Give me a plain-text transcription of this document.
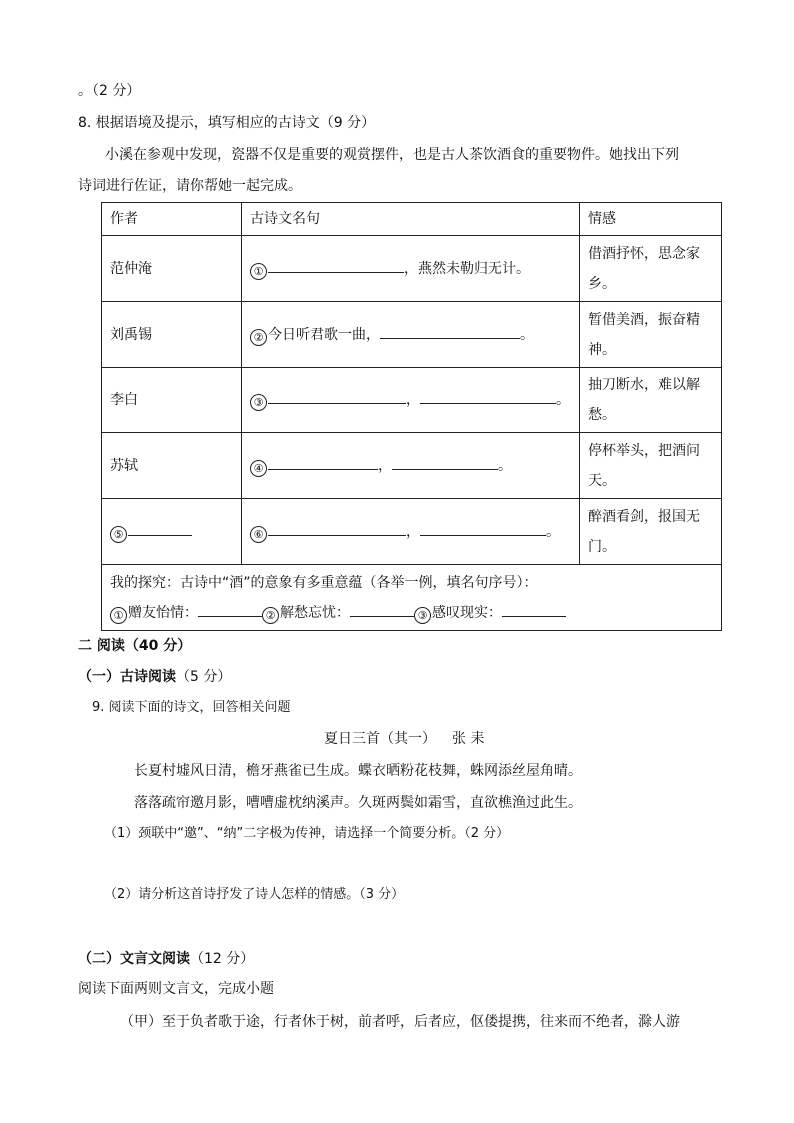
。（2 分）
8. 根据语境及提示，填写相应的古诗文（9 分）
小溪在参观中发现，瓷器不仅是重要的观赏摆件，也是古人茶饮酒食的重要物件。她找出下列
诗词进行佐证，请你帮她一起完成。
作者	古诗文名句	情感
范仲淹	① ，燕然未勒归无计。	借酒抒怀，思念家乡。
刘禹锡	② 今日听君歌一曲， 。	暂借美酒，振奋精神。
李白	③ ， 。	抽刀断水，难以解愁。
苏轼	④ ， 。	停杯举头，把酒问天。
⑤	⑥ ， 。	醉酒看剑，报国无门。

我的探究：古诗中“酒”的意象有多重意蕴（各举一例，填名句序号）：
① 赠友怡情： ② 解愁忘忧： ③ 感叹现实：		
二 阅读（40 分）
（一）古诗阅读（5 分）
9. 阅读下面的诗文，回答相关问题
夏日三首（其一） 张 耒
长夏村墟风日清，檐牙燕雀已生成。蝶衣晒粉花枝舞，蛛网添丝屋角晴。
落落疏帘邀月影，嘈嘈虚枕纳溪声。久斑两鬓如霜雪，直欲樵渔过此生。
（1）颈联中“邀”、“纳”二字极为传神，请选择一个简要分析。（2 分）
（2）请分析这首诗抒发了诗人怎样的情感。（3 分）
（二）文言文阅读（12 分）
阅读下面两则文言文，完成小题
（甲）至于负者歌于途，行者休于树，前者呼，后者应，伛偻提携，往来而不绝者，滁人游
